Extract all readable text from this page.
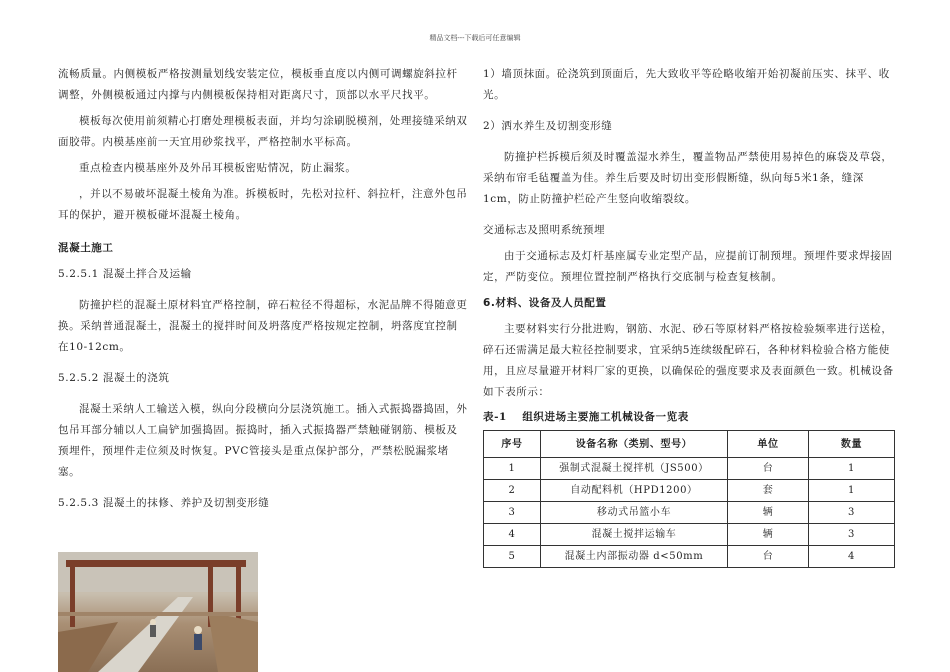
精品文档---下载后可任意编辑

流畅质量。内侧模板严格按测量划线安装定位，模板垂直度以内侧可调螺旋斜拉杆调整，外侧模板通过内撑与内侧模板保持相对距离尺寸，顶部以水平尺找平。

模板每次使用前须精心打磨处理模板表面，并均匀涂刷脱模剂，处理接缝采纳双面胶带。内模基座前一天宜用砂浆找平，严格控制水平标高。

重点检查内模基座外及外吊耳模板密贴情况，防止漏浆。

，并以不易破坏混凝土棱角为准。拆模板时，先松对拉杆、斜拉杆，注意外包吊耳的保护，避开模板碰坏混凝土棱角。

混凝土施工

5.2.5.1 混凝土拌合及运输

防撞护栏的混凝土原材料宜严格控制，碎石粒径不得超标，水泥品牌不得随意更换。采纳普通混凝土，混凝土的搅拌时间及坍落度严格按规定控制，坍落度宜控制在10-12cm。

5.2.5.2 混凝土的浇筑

混凝土采纳人工输送入模，纵向分段横向分层浇筑施工。插入式振捣器捣固，外包吊耳部分辅以人工扁铲加强捣固。振捣时，插入式振捣器严禁触碰钢筋、模板及预埋件，预埋件走位须及时恢复。PVC管接头是重点保护部分，严禁松脱漏浆堵塞。

5.2.5.3 混凝土的抹修、养护及切割变形缝

1）墙顶抹面。砼浇筑到顶面后，先大致收平等砼略收缩开始初凝前压实、抹平、收光。

2）洒水养生及切割变形缝

防撞护栏拆模后须及时覆盖湿水养生，覆盖物品严禁使用易掉色的麻袋及草袋，采纳布帘毛毡覆盖为佳。养生后要及时切出变形假断缝，纵向每5米1条，缝深1cm，防止防撞护栏砼产生竖向收缩裂纹。

交通标志及照明系统预埋

由于交通标志及灯杆基座属专业定型产品，应提前订制预埋。预埋件要求焊接固定，严防变位。预埋位置控制严格执行交底制与检查复核制。

6.材料、设备及人员配置

主要材料实行分批进购，钢筋、水泥、砂石等原材料严格按检验频率进行送检，碎石还需满足最大粒径控制要求，宜采纳5连续级配碎石，各种材料检验合格方能使用，且应尽量避开材料厂家的更换，以确保砼的强度要求及表面颜色一致。机械设备如下表所示：

表-1　 组织进场主要施工机械设备一览表

序号	设备名称（类别、型号）	单位	数量
1	强制式混凝土搅拌机（JS500）	台	1
2	自动配料机（HPD1200）	套	1
3	移动式吊篮小车	辆	3
4	混凝土搅拌运输车	辆	3
5	混凝土内部振动器 d<50mm	台	4
